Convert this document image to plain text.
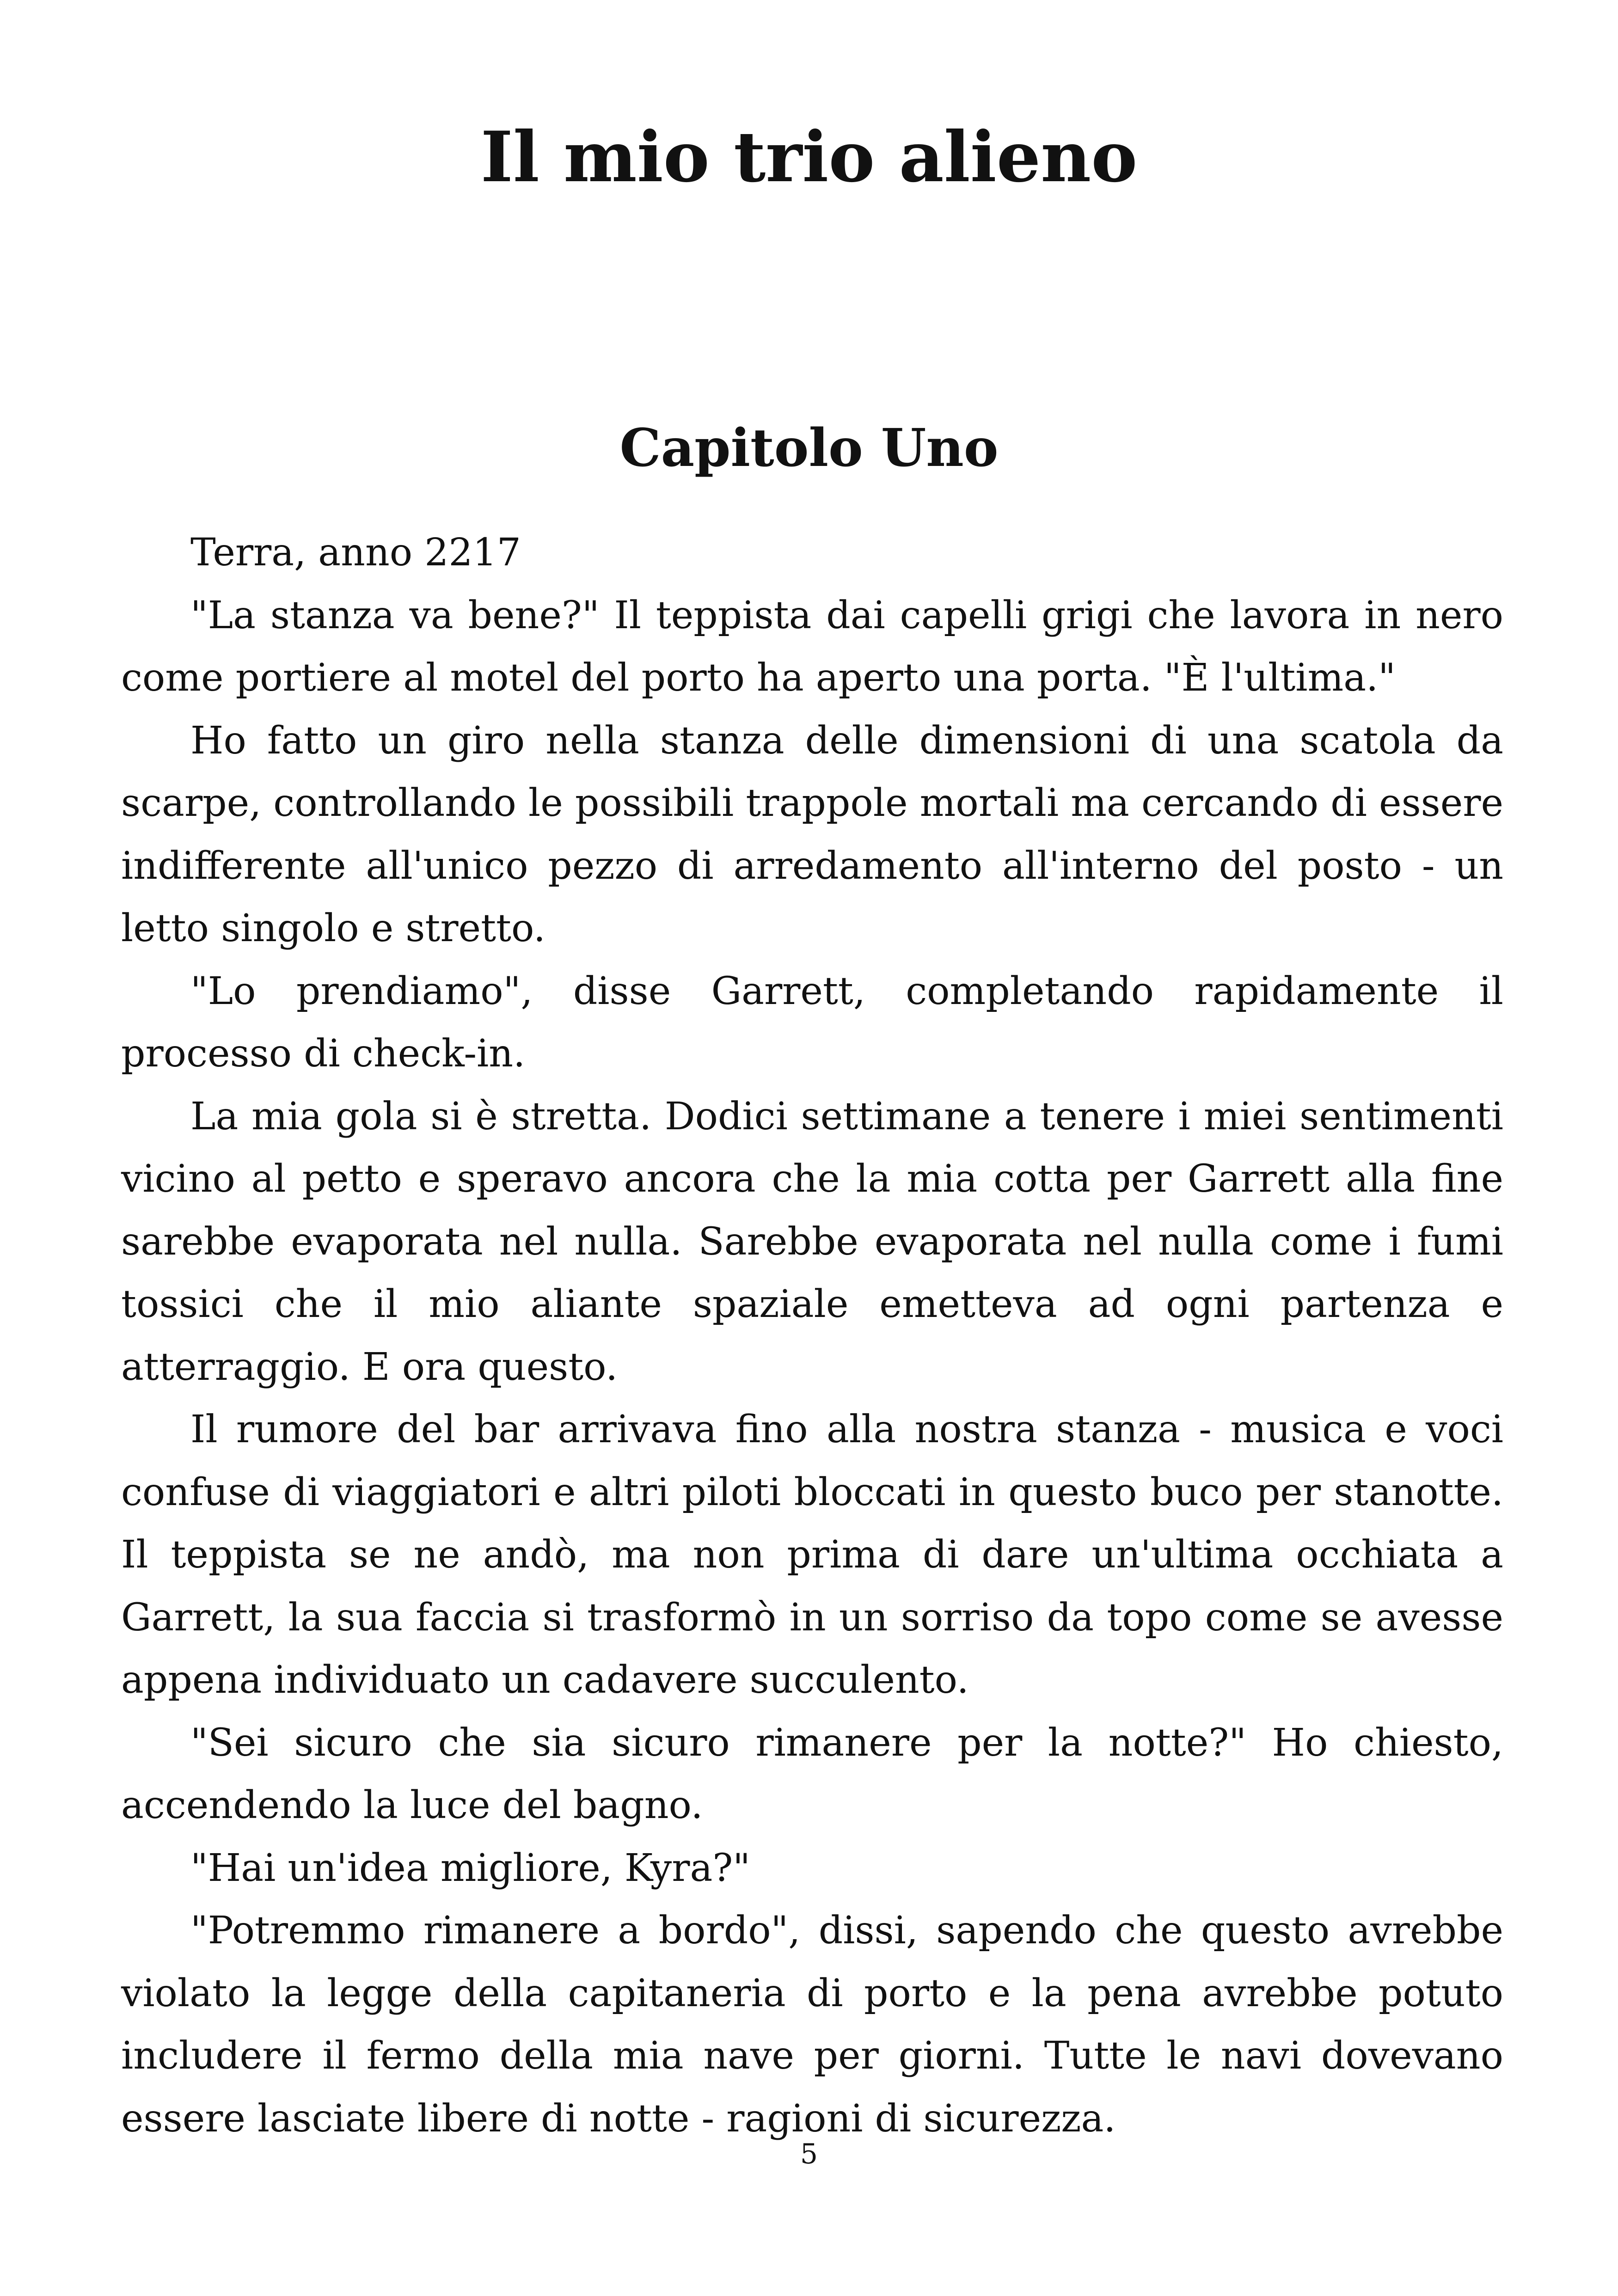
Il mio trio alieno
Capitolo Uno

Terra, anno 2217

"La stanza va bene?" Il teppista dai capelli grigi che lavora in nero come portiere al motel del porto ha aperto una porta. "È l'ultima."

Ho fatto un giro nella stanza delle dimensioni di una scatola da scarpe, controllando le possibili trappole mortali ma cercando di essere indifferente all'unico pezzo di arredamento all'interno del posto - un letto singolo e stretto.

"Lo prendiamo", disse Garrett, completando rapidamente il processo di check-in.

La mia gola si è stretta. Dodici settimane a tenere i miei sentimenti vicino al petto e speravo ancora che la mia cotta per Garrett alla fine sarebbe evaporata nel nulla. Sarebbe evaporata nel nulla come i fumi tossici che il mio aliante spaziale emetteva ad ogni partenza e atterraggio. E ora questo.

Il rumore del bar arrivava fino alla nostra stanza - musica e voci confuse di viaggiatori e altri piloti bloccati in questo buco per stanotte. Il teppista se ne andò, ma non prima di dare un'ultima occhiata a Garrett, la sua faccia si trasformò in un sorriso da topo come se avesse appena individuato un cadavere succulento.

"Sei sicuro che sia sicuro rimanere per la notte?" Ho chiesto, accendendo la luce del bagno.

"Hai un'idea migliore, Kyra?"

"Potremmo rimanere a bordo", dissi, sapendo che questo avrebbe violato la legge della capitaneria di porto e la pena avrebbe potuto includere il fermo della mia nave per giorni. Tutte le navi dovevano essere lasciate libere di notte - ragioni di sicurezza.

5
